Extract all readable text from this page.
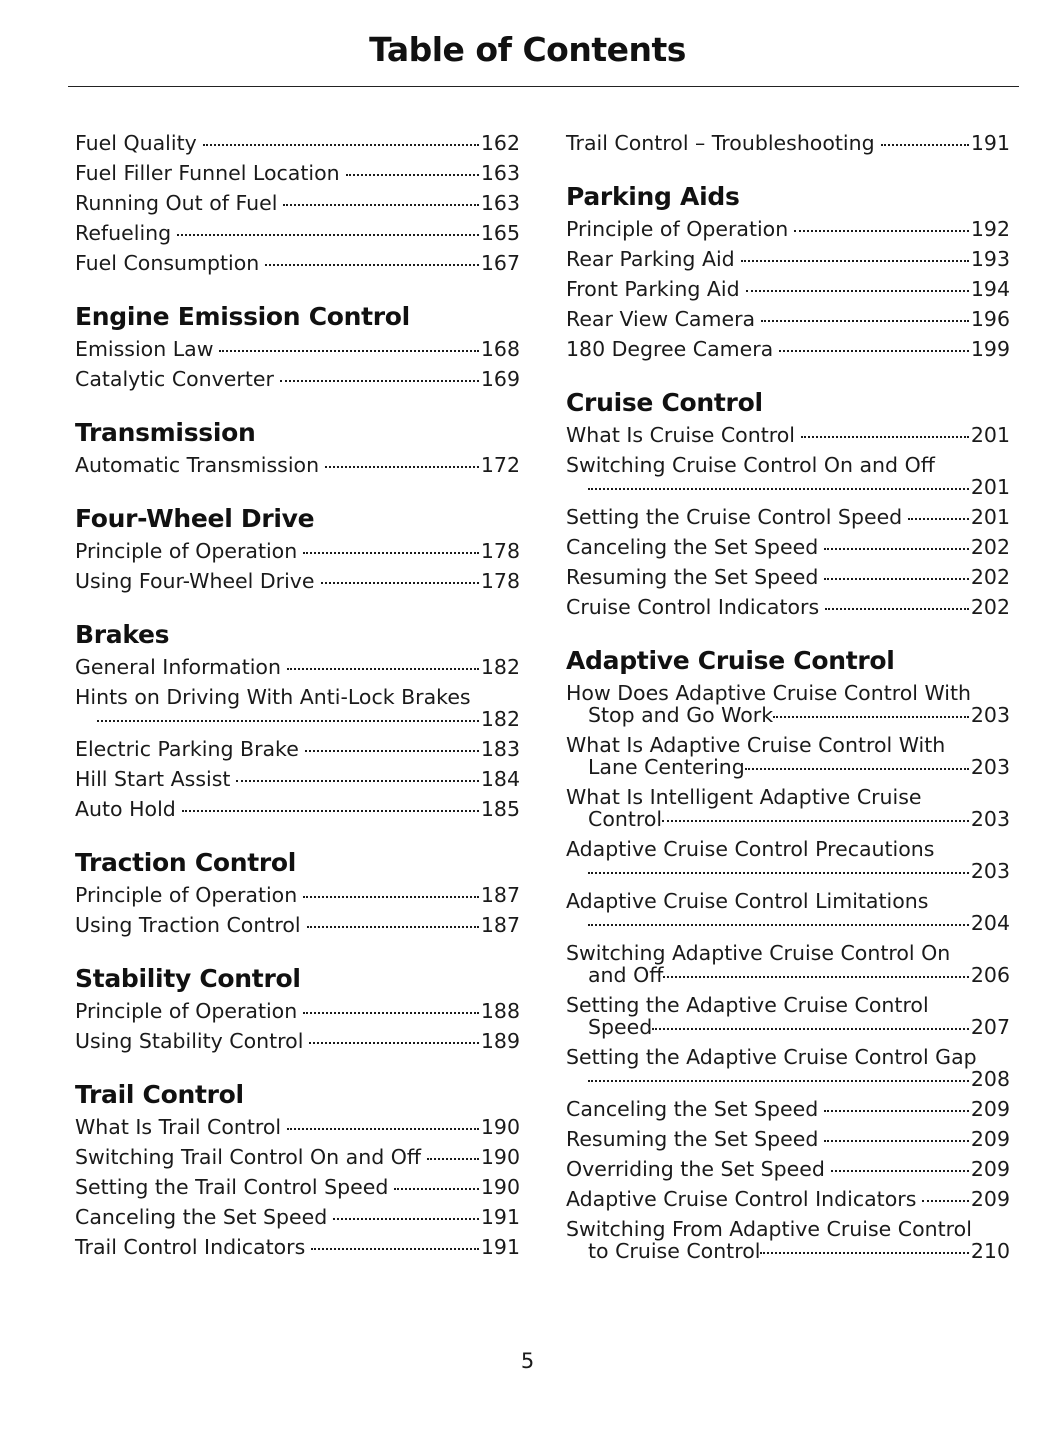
Table of Contents
Fuel Quality	162
Fuel Filler Funnel Location	163
Running Out of Fuel	163
Refueling	165
Fuel Consumption	167
Engine Emission Control
Emission Law	168
Catalytic Converter	169
Transmission
Automatic Transmission	172
Four-Wheel Drive
Principle of Operation	178
Using Four-Wheel Drive	178
Brakes
General Information	182
Hints on Driving With Anti-Lock Brakes
182
Electric Parking Brake	183
Hill Start Assist	184
Auto Hold	185
Traction Control
Principle of Operation	187
Using Traction Control	187
Stability Control
Principle of Operation	188
Using Stability Control	189
Trail Control
What Is Trail Control	190
Switching Trail Control On and Off	190
Setting the Trail Control Speed	190
Canceling the Set Speed	191
Trail Control Indicators	191
Trail Control – Troubleshooting	191
Parking Aids
Principle of Operation	192
Rear Parking Aid	193
Front Parking Aid	194
Rear View Camera	196
180 Degree Camera	199
Cruise Control
What Is Cruise Control	201
Switching Cruise Control On and Off
201
Setting the Cruise Control Speed	201
Canceling the Set Speed	202
Resuming the Set Speed	202
Cruise Control Indicators	202
Adaptive Cruise Control
How Does Adaptive Cruise Control With
Stop and Go Work	203
What Is Adaptive Cruise Control With
Lane Centering	203
What Is Intelligent Adaptive Cruise
Control	203
Adaptive Cruise Control Precautions
203
Adaptive Cruise Control Limitations
204
Switching Adaptive Cruise Control On
and Off	206
Setting the Adaptive Cruise Control
Speed	207
Setting the Adaptive Cruise Control Gap
208
Canceling the Set Speed	209
Resuming the Set Speed	209
Overriding the Set Speed	209
Adaptive Cruise Control Indicators	209
Switching From Adaptive Cruise Control
to Cruise Control	210
5
